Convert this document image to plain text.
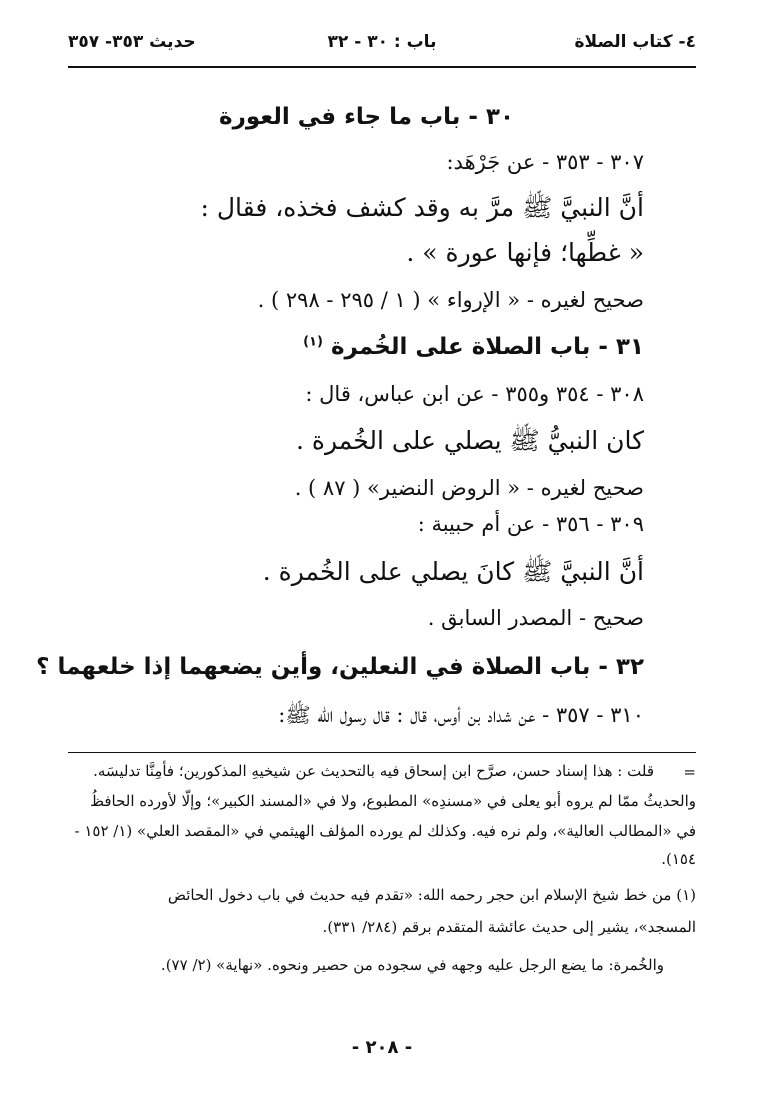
٤- كتاب الصلاة
باب : ٣٠ - ٣٢
حديث ٣٥٣- ٣٥٧
٣٠ - باب ما جاء في العورة
٣٠٧ - ٣٥٣ - عن جَرْهَد:
أنَّ النبيَّ ﷺ مرَّ به وقد كشف فخذه، فقال :
« غطِّها؛ فإنها عورة » .
صحيح لغيره - « الإرواء » ( ١ / ٢٩٥ - ٢٩٨ ) .
٣١ - باب الصلاة على الخُمرة $^{(١)}$
٣٠٨ - ٣٥٤ و٣٥٥ - عن ابن عباس، قال :
كان النبيُّ ﷺ يصلي على الخُمرة .
صحيح لغيره - « الروض النضير» ( ٨٧ ) .
٣٠٩ - ٣٥٦ - عن أم حبيبة :
أنَّ النبيَّ ﷺ كانَ يصلي على الخُمرة .
صحيح - المصدر السابق .
٣٢ - باب الصلاة في النعلين، وأين يضعهما إذا خلعهما ؟
٣١٠ - ٣٥٧ - عن شداد بن أوس، قال : قال رسول الله ﷺ:
=
قلت : هذا إسناد حسن، صرَّح ابن إسحاق فيه بالتحديث عن شيخيهِ المذكورين؛ فأمِنَّا تدليسَه.
والحديثُ ممّا لم يروه أبو يعلى في «مسندِه» المطبوع، ولا في «المسند الكبير»؛ وإلّا لأورده الحافظُ
في «المطالب العالية»، ولم نره فيه. وكذلك لم يورده المؤلف الهيثمي في «المقصد العلي» (١/ ١٥٢ -
١٥٤).
(١) من خط شيخ الإسلام ابن حجر رحمه الله: «تقدم فيه حديث في باب دخول الحائض
المسجد»، يشير إلى حديث عائشة المتقدم برقم (٢٨٤/ ٣٣١).
والخُمرة: ما يضع الرجل عليه وجهه في سجوده من حصير ونحوه. «نهاية» (٢/ ٧٧).
- ٢٠٨ -
